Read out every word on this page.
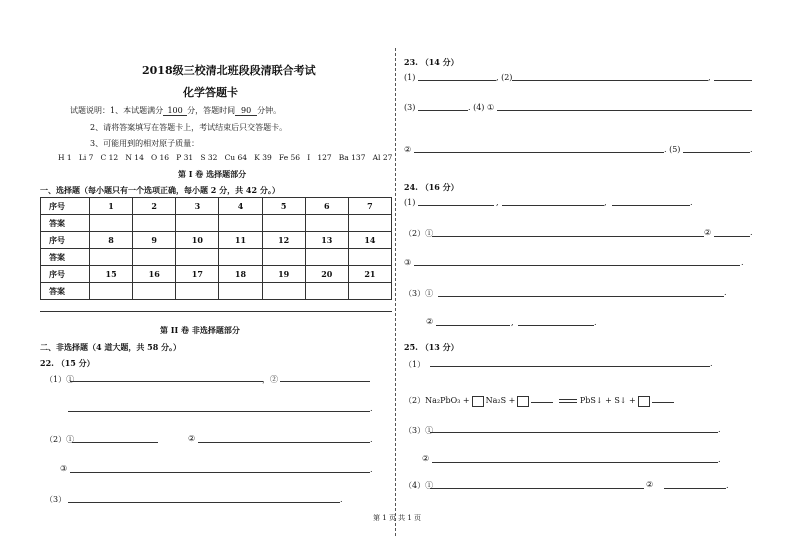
2018级三校清北班段段清联合考试
化学答题卡
试题说明：1、本试题满分 100 分，答题时间 90 分钟。
2、请将答案填写在答题卡上，考试结束后只交答题卡。
3、可能用到的相对原子质量：
H 1   Li 7   C 12   N 14   O 16   P 31   S 32   Cu 64   K 39   Fe 56   I   127   Ba 137   Al 27
第 I 卷 选择题部分
一、选择题（每小题只有一个选项正确，每小题 2 分，共 42 分。）
序号	1	2	3	4	5	6	7
答案							
序号	8	9	10	11	12	13	14
答案							
序号	15	16	17	18	19	20	21
答案							
第 II 卷 非选择题部分
二、非选择题（4 道大题，共 58 分。）
22. （15 分）
（1）①	，②
.
（2）①	②	.
③	.
（3）	.
23. （14 分）
(1)	, (2)	,
(3)	. (4) ①
②	. (5)	.
24. （16 分）
(1)	,	,	.
（2）①	②	.
③	.
（3）①	.
②	,	.
25. （13 分）
（1）	.
（2）Na₂PbO₃ + Na₂S +	PbS↓ + S↓ +
（3）①	.
②	.
（4）①	②	.
第 1 页 共 1 页
